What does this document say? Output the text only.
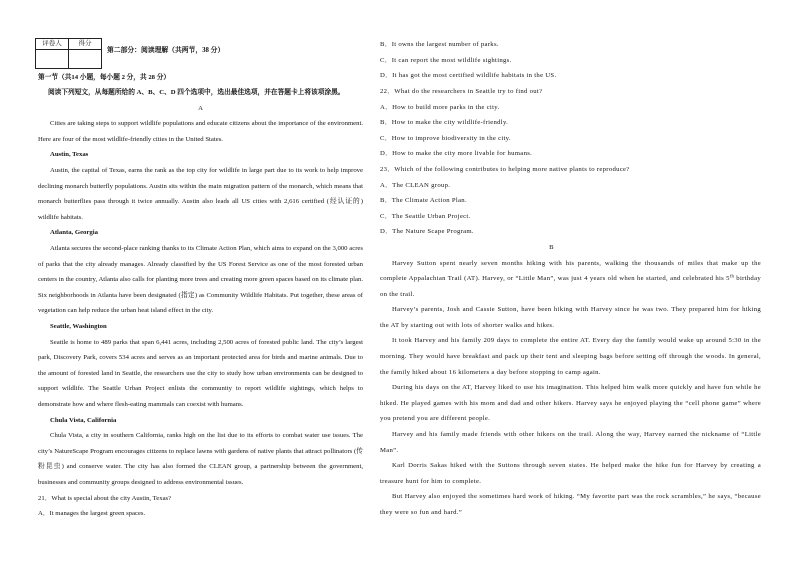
评卷人	得分

第二部分：阅读理解（共两节，38 分）

第一节（共14 小题，每小题 2 分，共 28 分）

阅读下列短文，从每题所给的 A、B、C、D 四个选项中，选出最佳选项，并在答题卡上将该项涂黑。

A

Cities are taking steps to support wildlife populations and educate citizens about the importance of the environment. Here are four of the most wildlife-friendly cities in the United States.

Austin, Texas

Austin, the capital of Texas, earns the rank as the top city for wildlife in large part due to its work to help improve declining monarch butterfly populations. Austin sits within the main migration pattern of the monarch, which means that monarch butterflies pass through it twice annually. Austin also leads all US cities with 2,616 certified (经认证的) wildlife habitats.

Atlanta, Georgia

Atlanta secures the second-place ranking thanks to its Climate Action Plan, which aims to expand on the 3,000 acres of parks that the city already manages. Already classified by the US Forest Service as one of the most forested urban centers in the country, Atlanta also calls for planting more trees and creating more green spaces based on its climate plan. Six neighborhoods in Atlanta have been designated (指定) as Community Wildlife Habitats. Put together, these areas of vegetation can help reduce the urban heat island effect in the city.

Seattle, Washington

Seattle is home to 489 parks that span 6,441 acres, including 2,500 acres of forested public land. The city’s largest park, Discovery Park, covers 534 acres and serves as an important protected area for birds and marine animals. Due to the amount of forested land in Seattle, the researchers use the city to study how urban environments can be designed to support wildlife. The Seattle Urban Project enlists the community to report wildlife sightings, which helps to demonstrate how and where flesh-eating mammals can coexist with humans.

Chula Vista, California

Chula Vista, a city in southern California, ranks high on the list due to its efforts to combat water use issues. The city’s NatureScape Program encourages citizens to replace lawns with gardens of native plants that attract pollinators (传粉昆虫) and conserve water. The city has also formed the CLEAN group, a partnership between the government, businesses and community groups designed to address environmental issues.

21．What is special about the city Austin, Texas?

A．It manages the largest green spaces.

B．It owns the largest number of parks.

C．It can report the most wildlife sightings.

D．It has got the most certified wildlife habitats in the US.

22．What do the researchers in Seattle try to find out?

A．How to build more parks in the city.

B．How to make the city wildlife-friendly.

C．How to improve biodiversity in the city.

D．How to make the city more livable for humans.

23．Which of the following contributes to helping more native plants to reproduce?

A．The CLEAN group.

B．The Climate Action Plan.

C．The Seattle Urban Project.

D．The Nature Scape Program.

B

Harvey Sutton spent nearly seven months hiking with his parents, walking the thousands of miles that make up the complete Appalachian Trail (AT). Harvey, or “Little Man”, was just 4 years old when he started, and celebrated his 5th birthday on the trail.

Harvey’s parents, Josh and Cassie Sutton, have been hiking with Harvey since he was two. They prepared him for hiking the AT by starting out with lots of shorter walks and hikes.

It took Harvey and his family 209 days to complete the entire AT. Every day the family would wake up around 5:30 in the morning. They would have breakfast and pack up their tent and sleeping bags before setting off through the woods. In general, the family hiked about 16 kilometers a day before stopping to camp again.

During his days on the AT, Harvey liked to use his imagination. This helped him walk more quickly and have fun while he hiked. He played games with his mom and dad and other hikers. Harvey says he enjoyed playing the “cell phone game” where you pretend you are different people.

Harvey and his family made friends with other hikers on the trail. Along the way, Harvey earned the nickname of “Little Man”.

Karl Dorris Sakas hiked with the Suttons through seven states. He helped make the hike fun for Harvey by creating a treasure hunt for him to complete.

But Harvey also enjoyed the sometimes hard work of hiking. “My favorite part was the rock scrambles,” he says, “because they were so fun and hard.”
